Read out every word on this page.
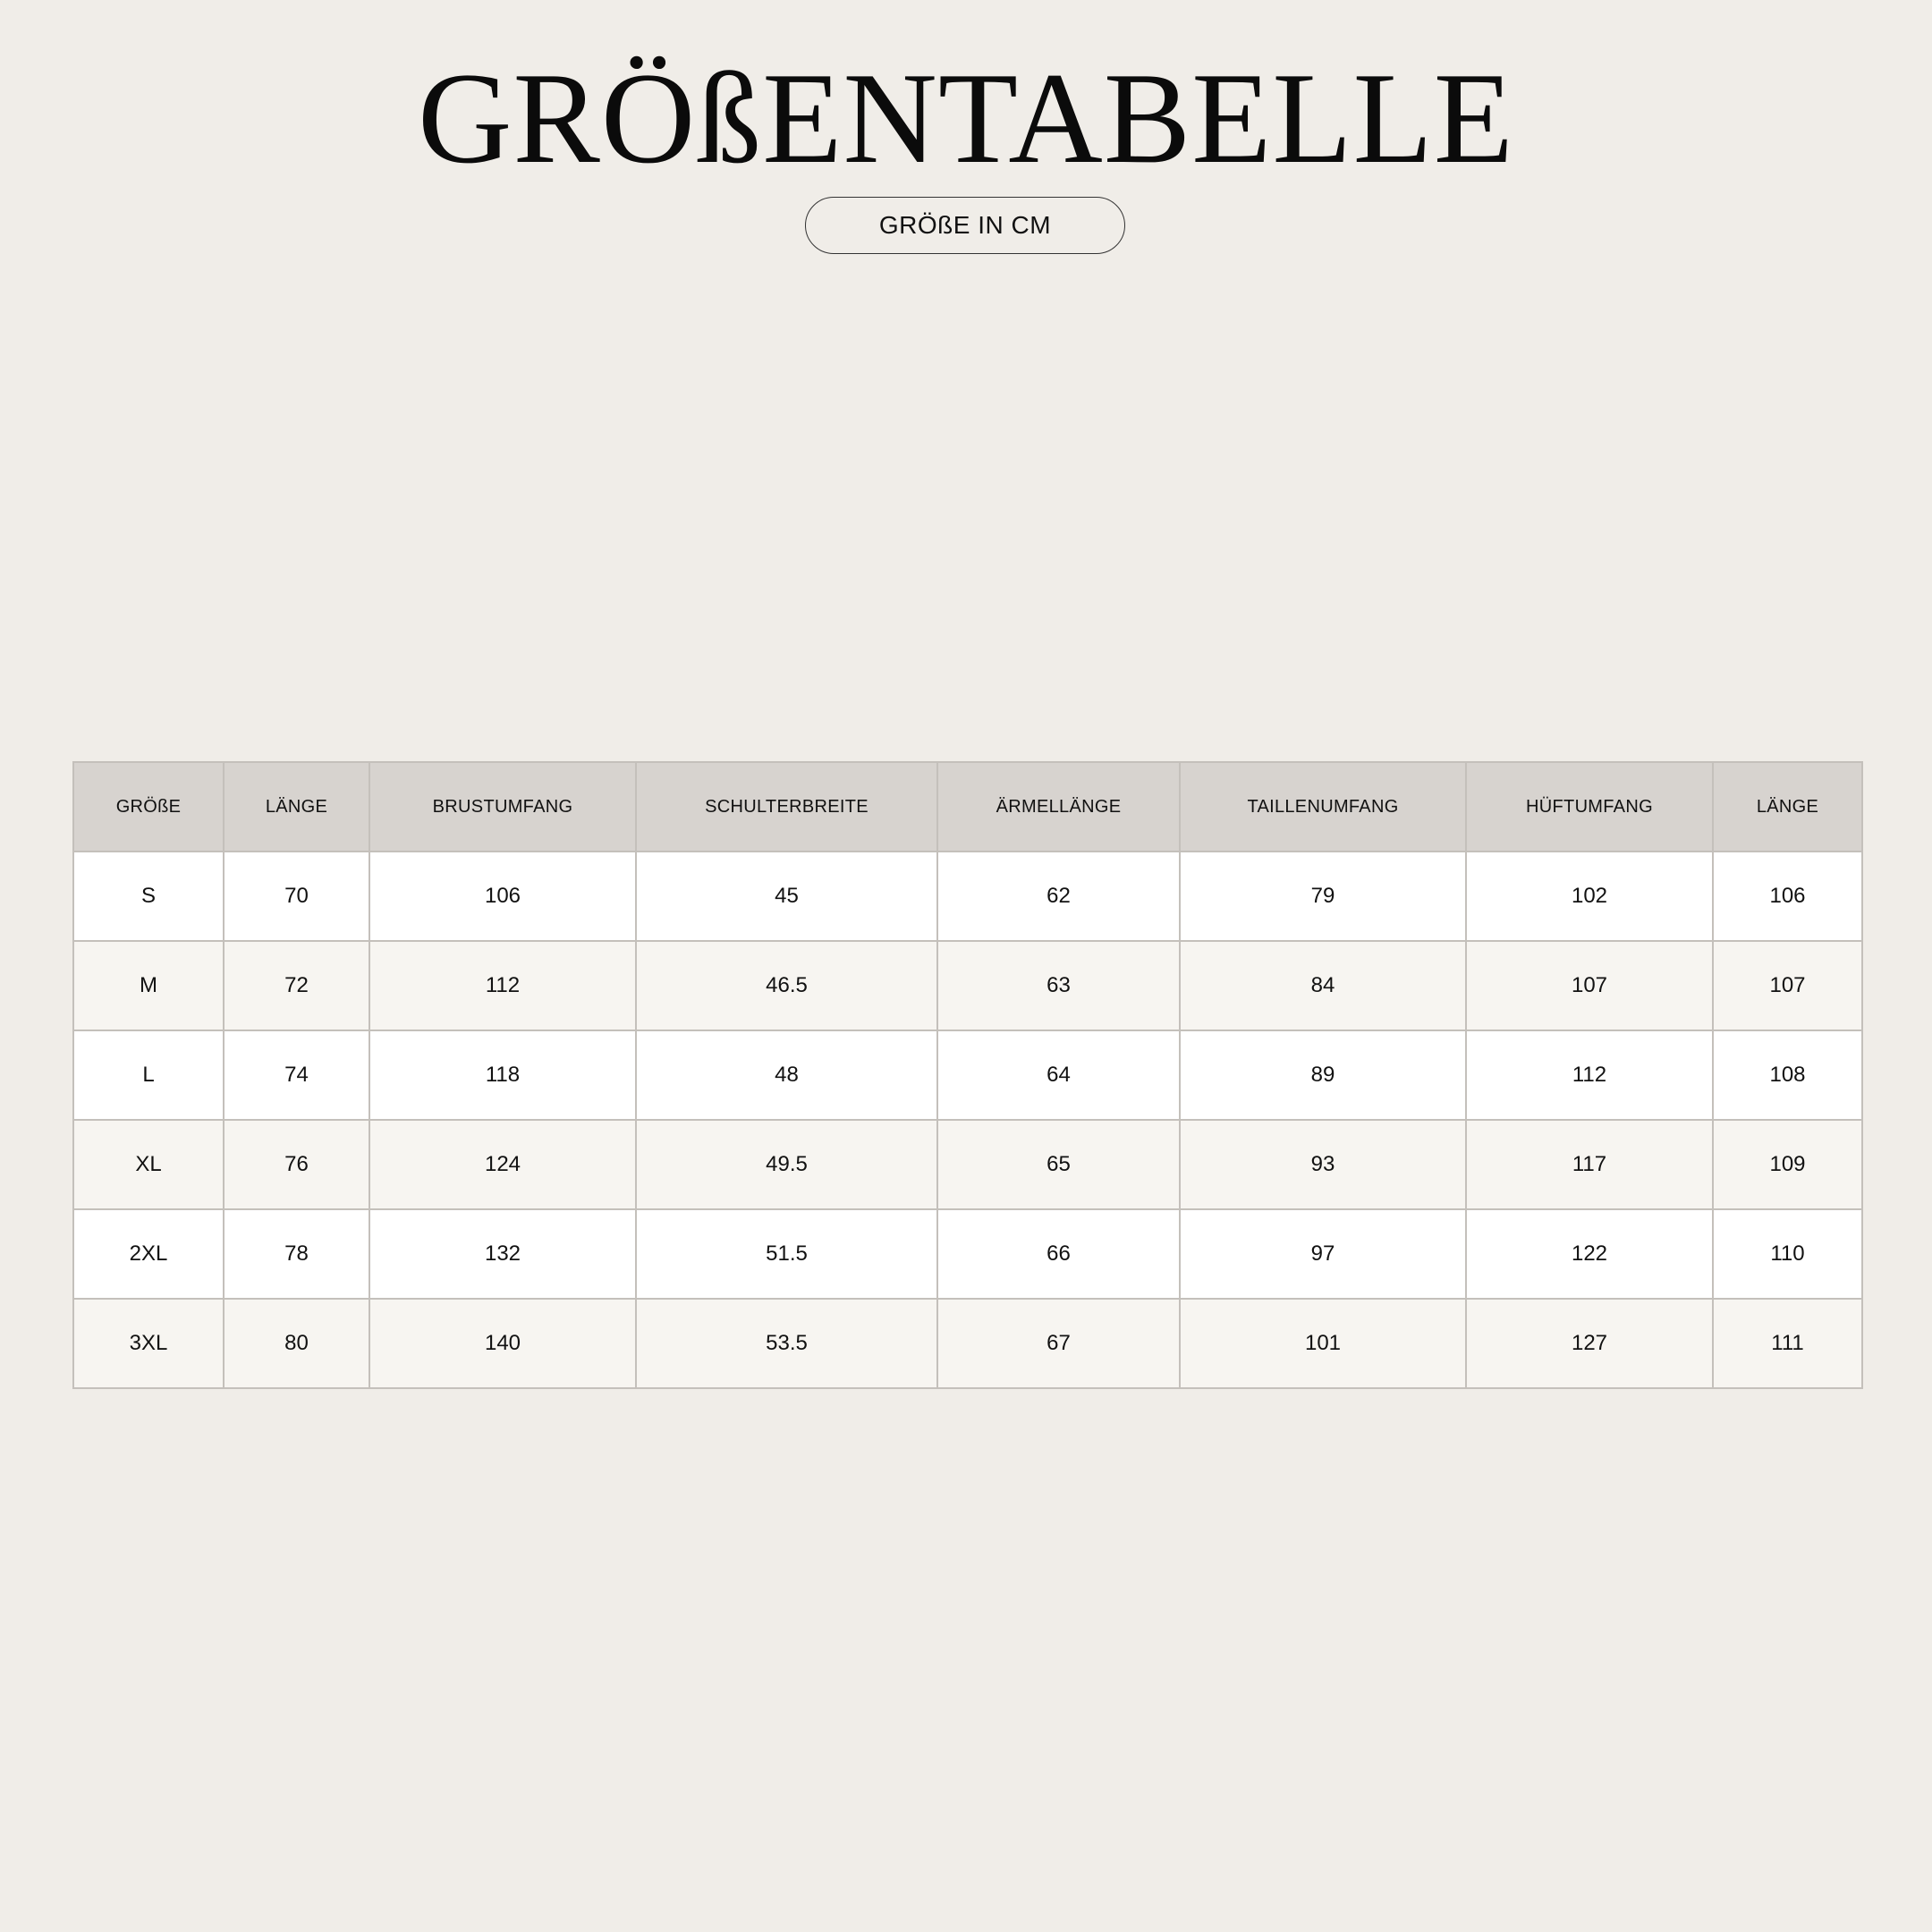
GRÖßENTABELLE
GRÖßE IN CM
GRÖßE	LÄNGE	BRUSTUMFANG	SCHULTERBREITE	ÄRMELLÄNGE	TAILLENUMFANG	HÜFTUMFANG	LÄNGE
S	70	106	45	62	79	102	106
M	72	112	46.5	63	84	107	107
L	74	118	48	64	89	112	108
XL	76	124	49.5	65	93	117	109
2XL	78	132	51.5	66	97	122	110
3XL	80	140	53.5	67	101	127	111
